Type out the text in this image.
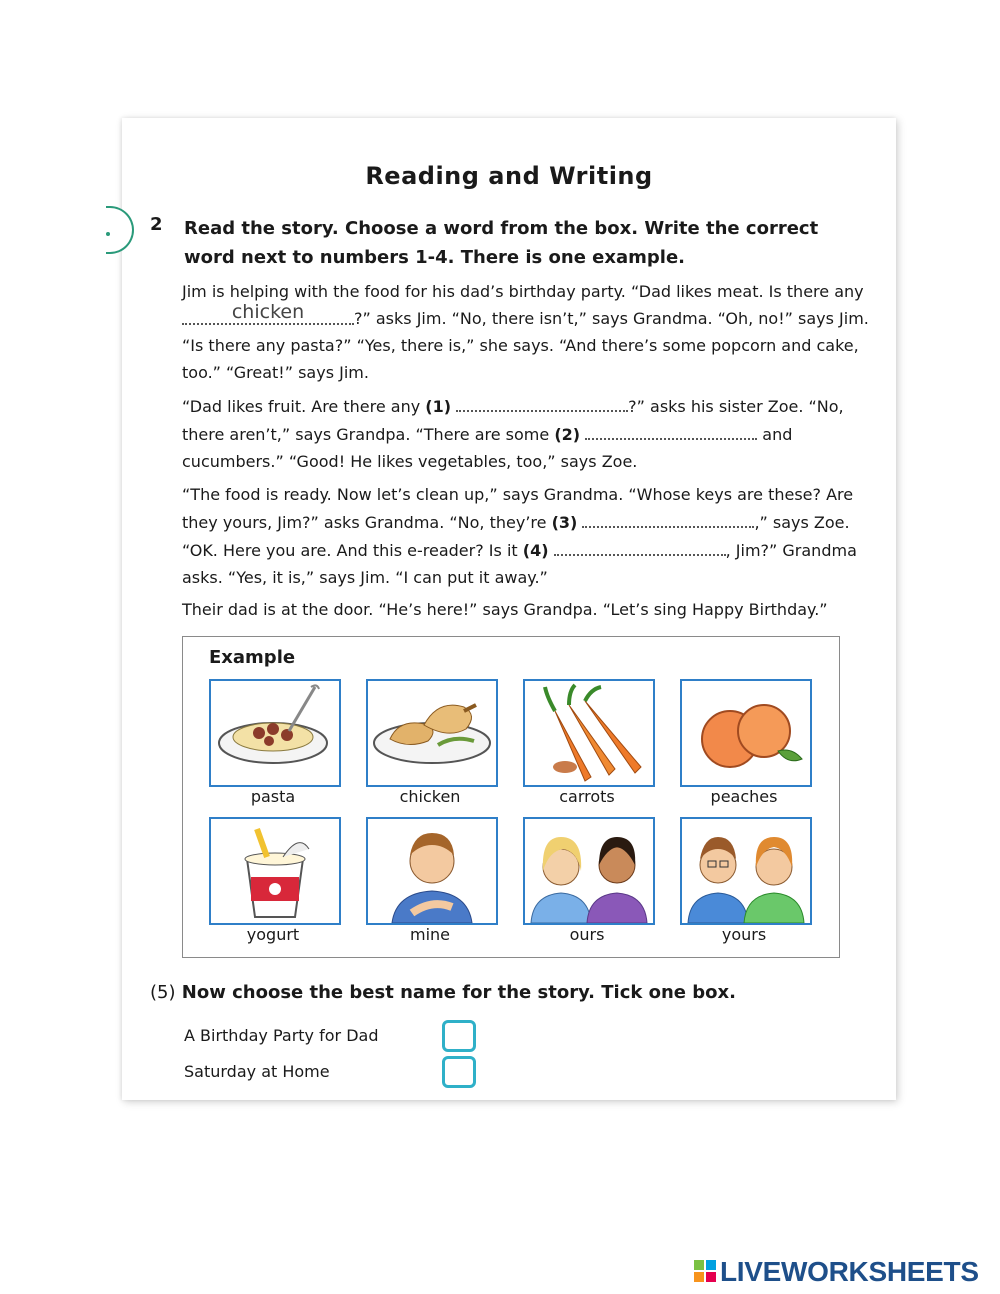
Reading and Writing
2 Read the story. Choose a word from the box. Write the correct word next to numbers 1-4. There is one example.
Jim is helping with the food for his dad’s birthday party. “Dad likes meat. Is there any chicken	?” asks Jim. “No, there isn’t,” says Grandma. “Oh, no!” says Jim. “Is there any pasta?” “Yes, there is,” she says. “And there’s some popcorn and cake, too.” “Great!” says Jim.
“Dad likes fruit. Are there any (1)	?” asks his sister Zoe. “No, there aren’t,” says Grandpa. “There are some (2)	and cucumbers.” “Good! He likes vegetables, too,” says Zoe.
“The food is ready. Now let’s clean up,” says Grandma. “Whose keys are these? Are they yours, Jim?” asks Grandma. “No, they’re (3)	,” says Zoe. “OK. Here you are. And this e-reader? Is it (4)	, Jim?” Grandma asks. “Yes, it is,” says Jim. “I can put it away.”
Their dad is at the door. “He’s here!” says Grandpa. “Let’s sing Happy Birthday.”
Example
pasta	chicken	carrots	peaches
yogurt	mine	ours	yours
(5) Now choose the best name for the story. Tick one box.
A Birthday Party for Dad
Saturday at Home
LIVEWORKSHEETS
